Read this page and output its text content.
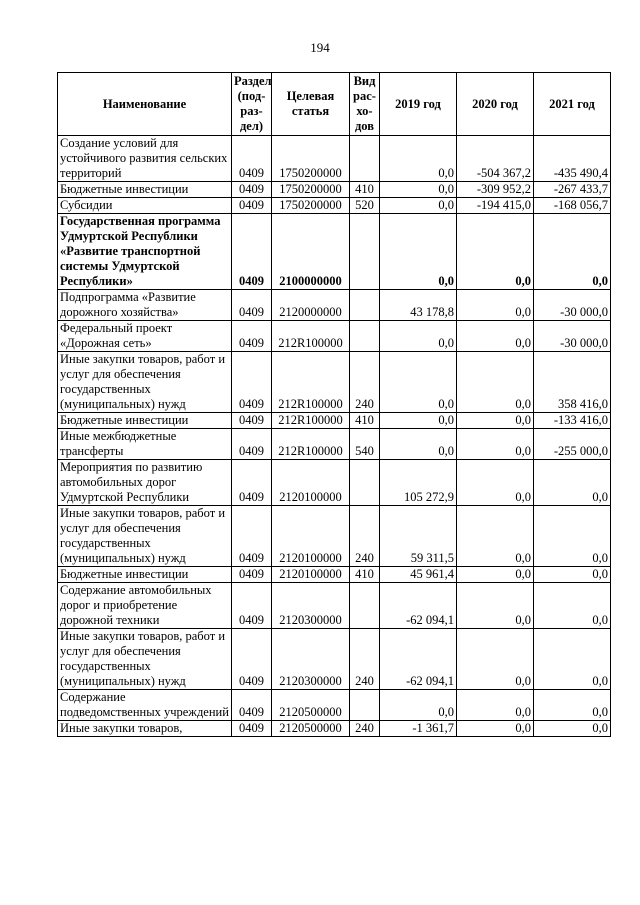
194
Наименование	Раздел (под-раз-дел)	Целевая статья	Вид рас-хо-дов	2019 год	2020 год	2021 год
Создание условий для устойчивого развития сельских территорий	0409	1750200000		0,0	-504 367,2	-435 490,4
Бюджетные инвестиции	0409	1750200000	410	0,0	-309 952,2	-267 433,7
Субсидии	0409	1750200000	520	0,0	-194 415,0	-168 056,7
Государственная программа Удмуртской Республики «Развитие транспортной системы Удмуртской Республики»	0409	2100000000		0,0	0,0	0,0
Подпрограмма «Развитие дорожного хозяйства»	0409	2120000000		43 178,8	0,0	-30 000,0
Федеральный проект «Дорожная сеть»	0409	212R100000		0,0	0,0	-30 000,0
Иные закупки товаров, работ и услуг для обеспечения государственных (муниципальных) нужд	0409	212R100000	240	0,0	0,0	358 416,0
Бюджетные инвестиции	0409	212R100000	410	0,0	0,0	-133 416,0
Иные межбюджетные трансферты	0409	212R100000	540	0,0	0,0	-255 000,0
Мероприятия по развитию автомобильных дорог Удмуртской Республики	0409	2120100000		105 272,9	0,0	0,0
Иные закупки товаров, работ и услуг для обеспечения государственных (муниципальных) нужд	0409	2120100000	240	59 311,5	0,0	0,0
Бюджетные инвестиции	0409	2120100000	410	45 961,4	0,0	0,0
Содержание автомобильных дорог и приобретение дорожной техники	0409	2120300000		-62 094,1	0,0	0,0
Иные закупки товаров, работ и услуг для обеспечения государственных (муниципальных) нужд	0409	2120300000	240	-62 094,1	0,0	0,0
Содержание подведомственных учреждений	0409	2120500000		0,0	0,0	0,0
Иные закупки товаров,	0409	2120500000	240	-1 361,7	0,0	0,0
